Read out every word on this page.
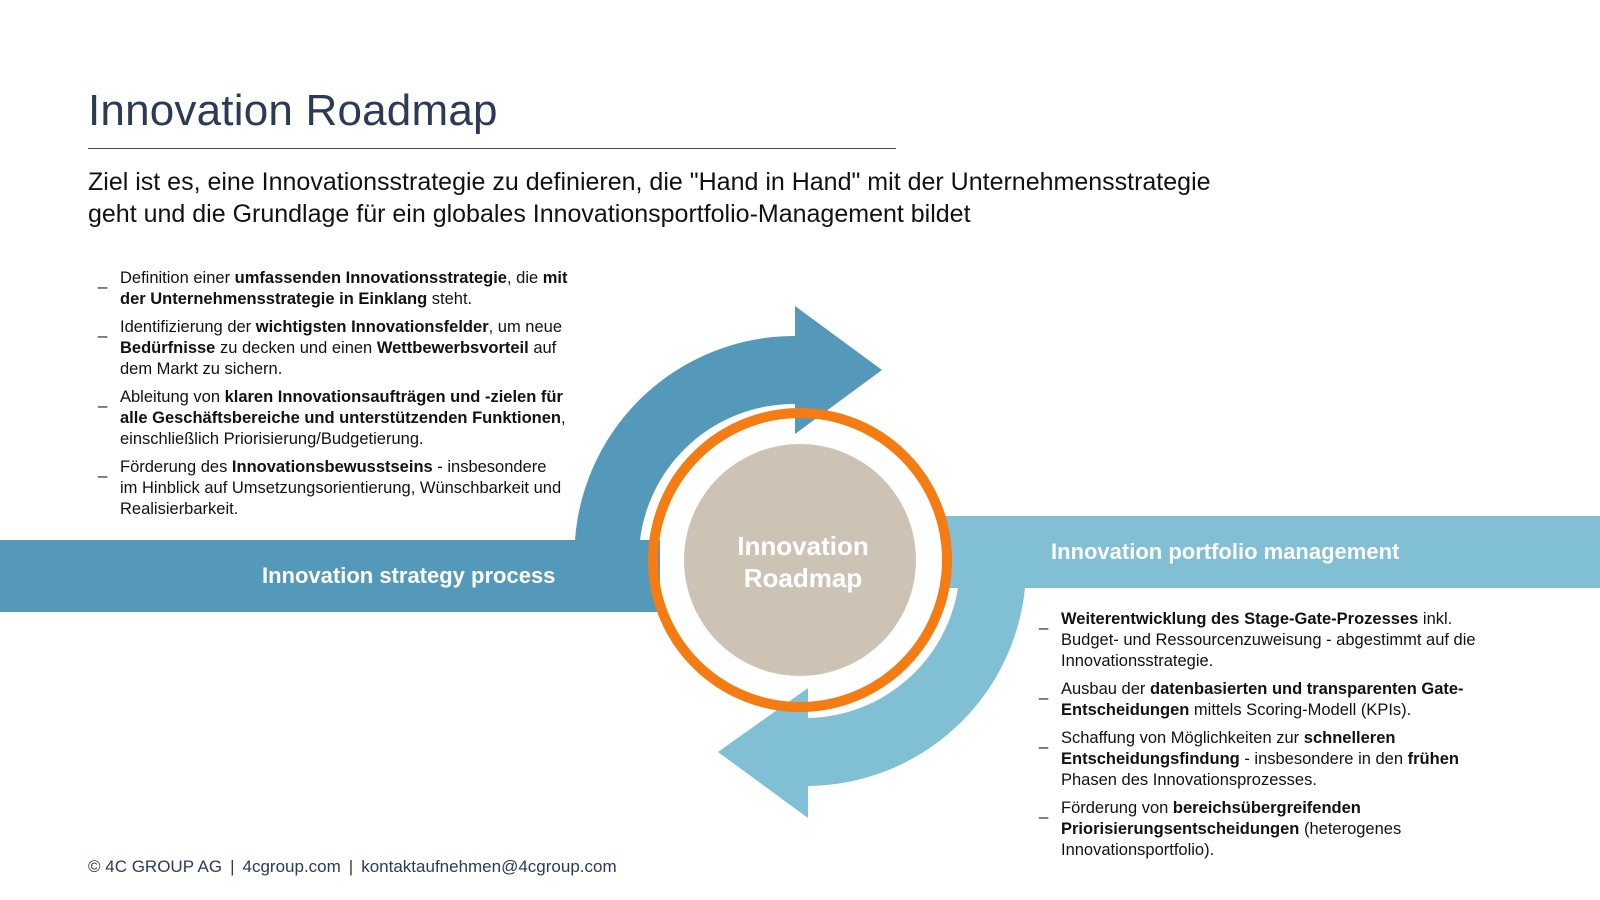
Innovation Roadmap
Ziel ist es, eine Innovationsstrategie zu definieren, die "Hand in Hand" mit der Unternehmensstrategie
geht und die Grundlage für ein globales Innovationsportfolio-Management bildet
Innovation
Roadmap
Innovation strategy process
Innovation portfolio management
_ Definition einer umfassenden Innovationsstrategie, die mit der Unternehmensstrategie in Einklang steht.
_ Identifizierung der wichtigsten Innovationsfelder, um neue Bedürfnisse zu decken und einen Wettbewerbsvorteil auf dem Markt zu sichern.
_ Ableitung von klaren Innovationsaufträgen und -zielen für alle Geschäftsbereiche und unterstützenden Funktionen, einschließlich Priorisierung/Budgetierung.
_ Förderung des Innovationsbewusstseins - insbesondere im Hinblick auf Umsetzungsorientierung, Wünschbarkeit und Realisierbarkeit.
_ Weiterentwicklung des Stage-Gate-Prozesses inkl. Budget- und Ressourcenzuweisung - abgestimmt auf die Innovationsstrategie.
_ Ausbau der datenbasierten und transparenten Gate-Entscheidungen mittels Scoring-Modell (KPIs).
_ Schaffung von Möglichkeiten zur schnelleren Entscheidungsfindung - insbesondere in den frühen Phasen des Innovationsprozesses.
_ Förderung von bereichsübergreifenden Priorisierungsentscheidungen (heterogenes Innovationsportfolio).
© 4C GROUP AG | 4cgroup.com | kontaktaufnehmen@4cgroup.com
